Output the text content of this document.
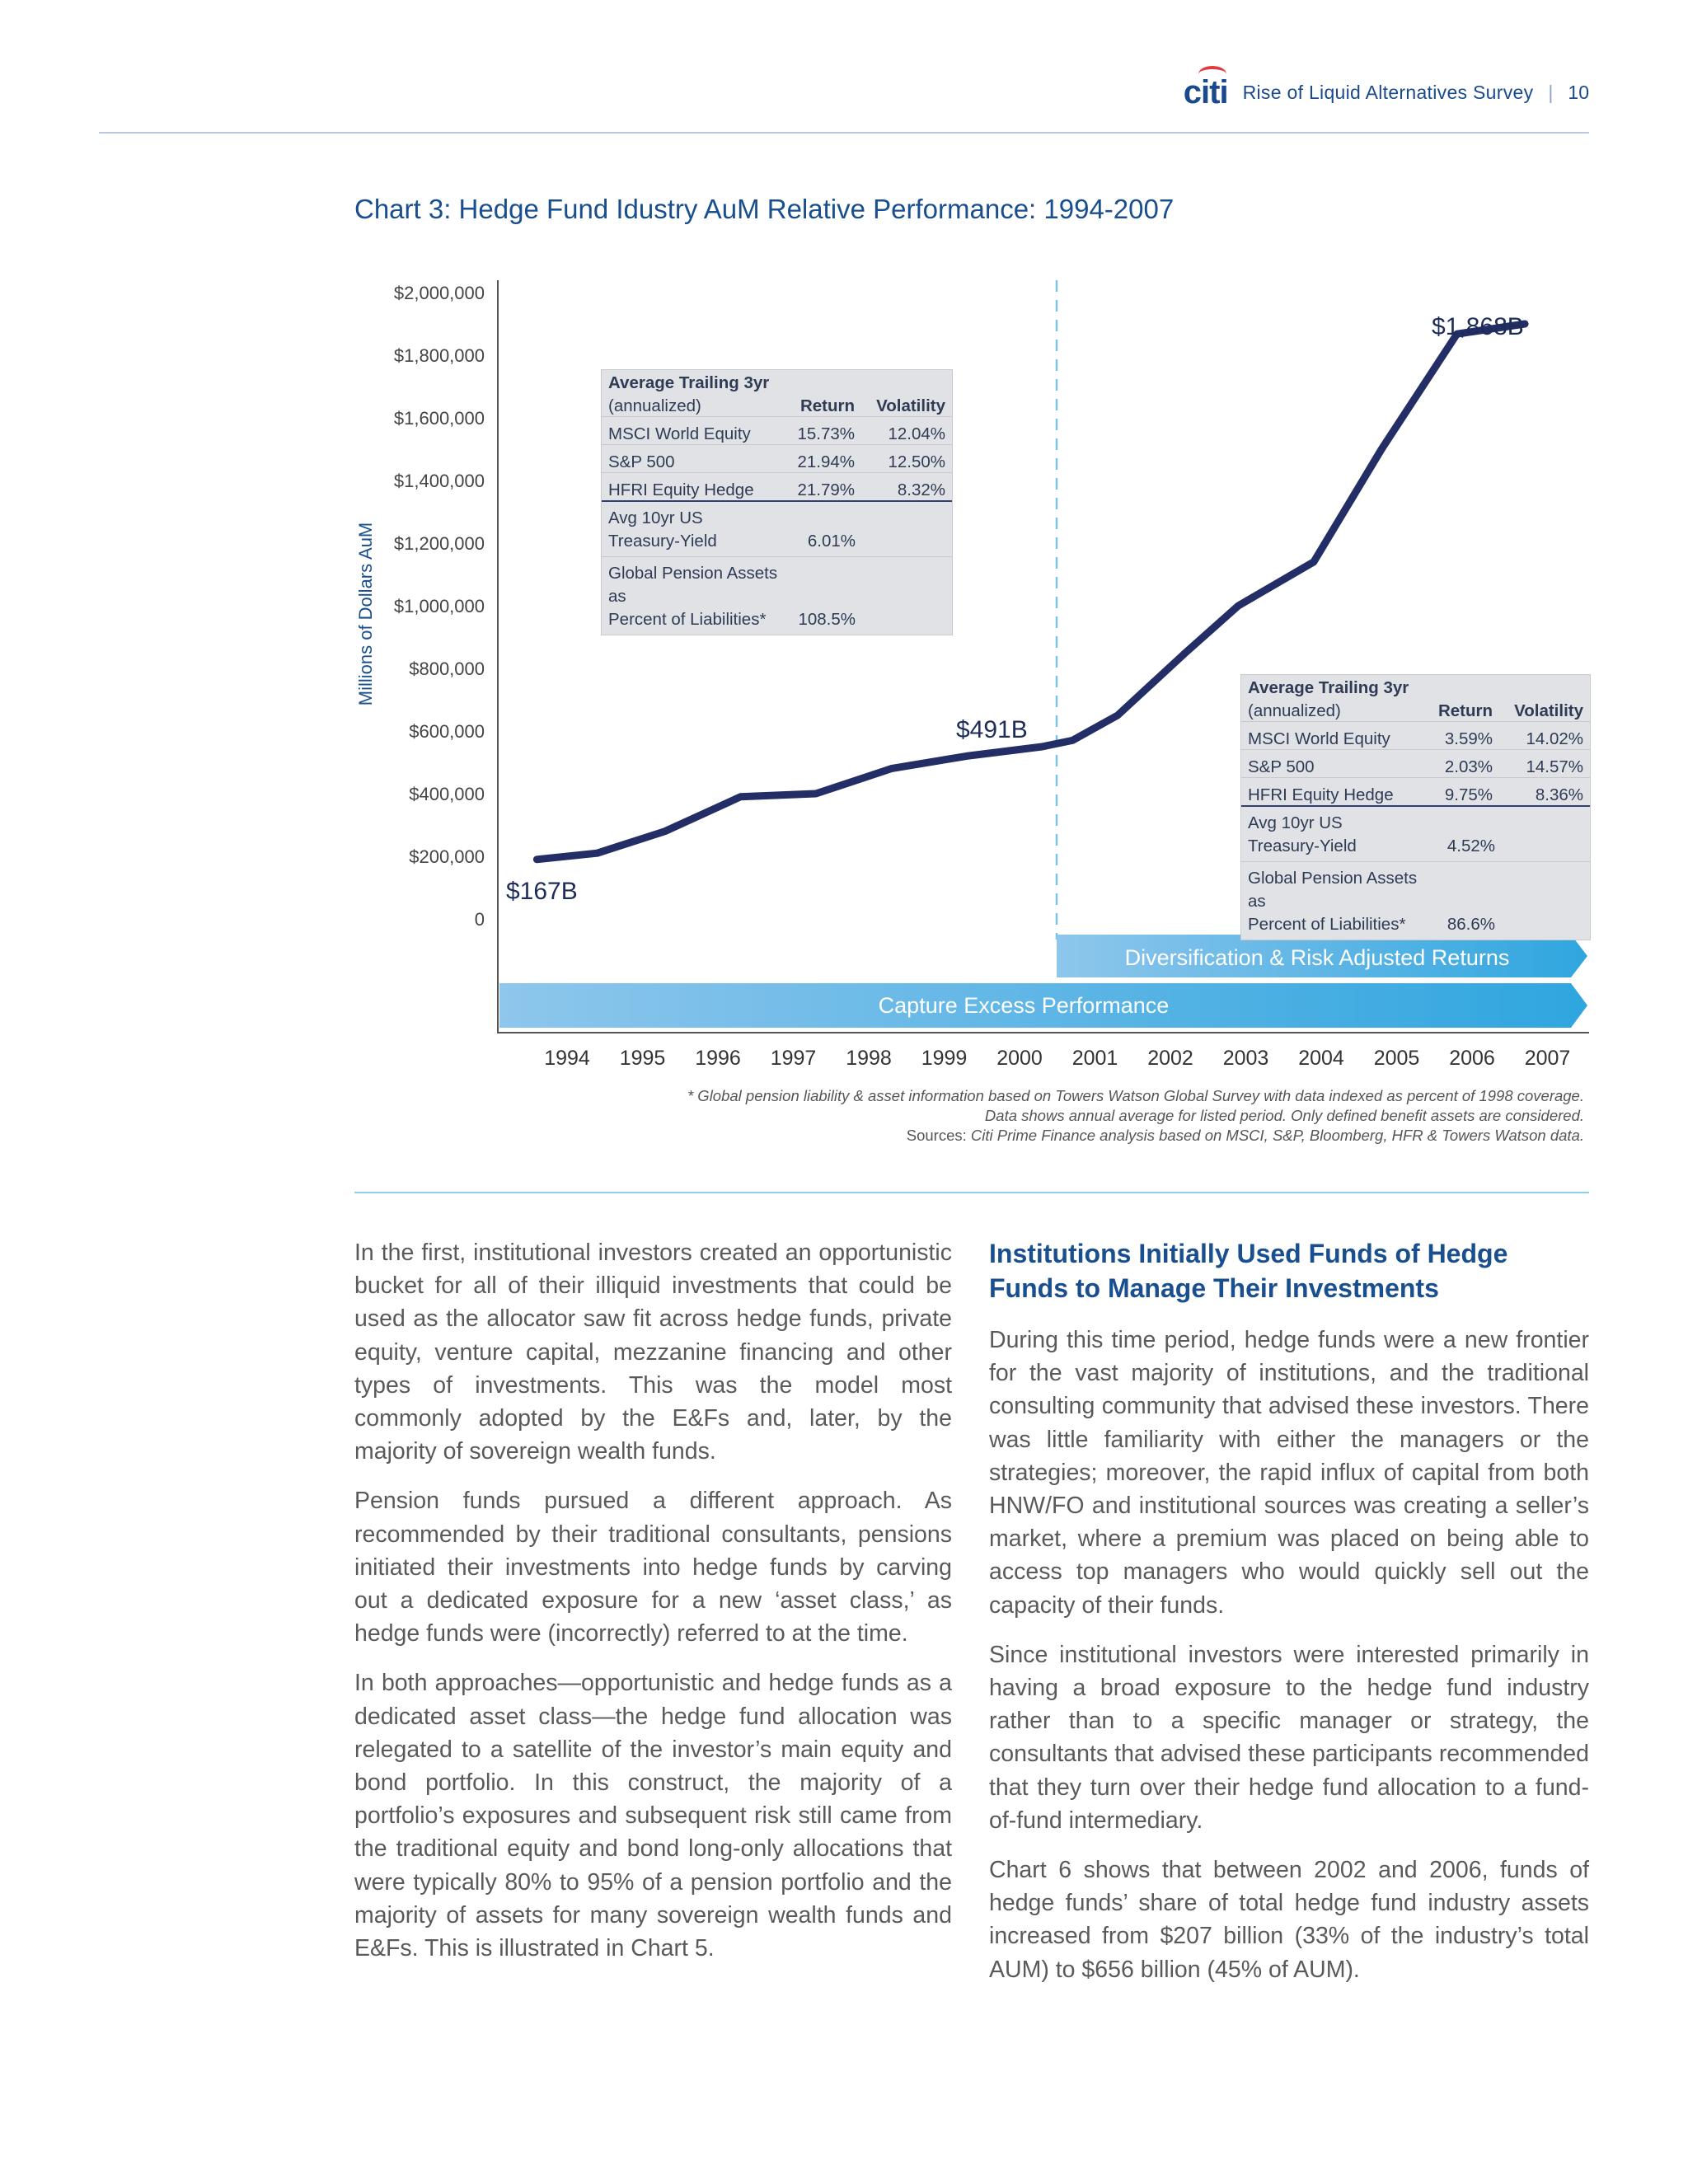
citi Rise of Liquid Alternatives Survey | 10
Chart 3: Hedge Fund Idustry AuM Relative Performance: 1994-2007
$2,000,000
$1,800,000
$1,600,000
$1,400,000
$1,200,000
$1,000,000
$800,000
$600,000
$400,000
$200,000
0
Millions of Dollars AuM
Diversification & Risk Adjusted Returns
Capture Excess Performance
1994 1995 1996 1997 1998 1999 2000 2001 2002 2003 2004 2005 2006 2007
$167B
$491B
$1,868B
Average Trailing 3yr
(annualized)	Return	Volatility
MSCI World Equity	15.73%	12.04%
S&P 500	21.94%	12.50%
HFRI Equity Hedge	21.79%	8.32%
Avg 10yr US
Treasury-Yield	6.01%
Global Pension Assets as
Percent of Liabilities*	108.5%
Average Trailing 3yr
(annualized)	Return	Volatility
MSCI World Equity	3.59%	14.02%
S&P 500	2.03%	14.57%
HFRI Equity Hedge	9.75%	8.36%
Avg 10yr US
Treasury-Yield	4.52%
Global Pension Assets as
Percent of Liabilities*	86.6%
* Global pension liability & asset information based on Towers Watson Global Survey with data indexed as percent of 1998 coverage.
Data shows annual average for listed period. Only defined benefit assets are considered.
Sources: Citi Prime Finance analysis based on MSCI, S&P, Bloomberg, HFR & Towers Watson data.

In the first, institutional investors created an opportunistic bucket for all of their illiquid investments that could be used as the allocator saw fit across hedge funds, private equity, venture capital, mezzanine financing and other types of investments. This was the model most commonly adopted by the E&Fs and, later, by the majority of sovereign wealth funds.

Pension funds pursued a different approach. As recommended by their traditional consultants, pensions initiated their investments into hedge funds by carving out a dedicated exposure for a new ‘asset class,’ as hedge funds were (incorrectly) referred to at the time.

In both approaches—opportunistic and hedge funds as a dedicated asset class—the hedge fund allocation was relegated to a satellite of the investor’s main equity and bond portfolio. In this construct, the majority of a portfolio’s exposures and subsequent risk still came from the traditional equity and bond long-only allocations that were typically 80% to 95% of a pension portfolio and the majority of assets for many sovereign wealth funds and E&Fs. This is illustrated in Chart 5.

Institutions Initially Used Funds of Hedge Funds to Manage Their Investments

During this time period, hedge funds were a new frontier for the vast majority of institutions, and the traditional consulting community that advised these investors. There was little familiarity with either the managers or the strategies; moreover, the rapid influx of capital from both HNW/FO and institutional sources was creating a seller’s market, where a premium was placed on being able to access top managers who would quickly sell out the capacity of their funds.

Since institutional investors were interested primarily in having a broad exposure to the hedge fund industry rather than to a specific manager or strategy, the consultants that advised these participants recommended that they turn over their hedge fund allocation to a fund-of-fund intermediary.

Chart 6 shows that between 2002 and 2006, funds of hedge funds’ share of total hedge fund industry assets increased from $207 billion (33% of the industry’s total AUM) to $656 billion (45% of AUM).
